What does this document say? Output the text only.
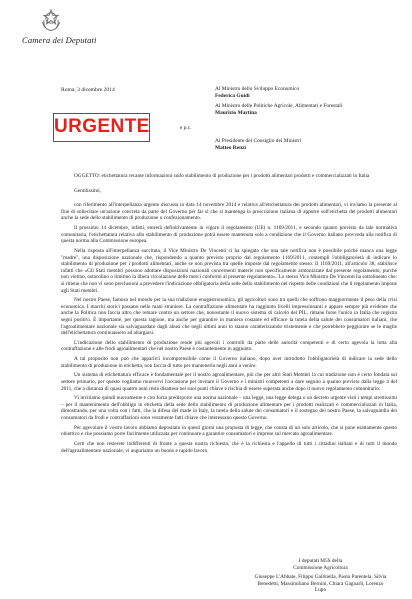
Camera dei Deputati
Roma, 3 dicembre 2014
URGENTE
Al Ministro dello Sviluppo Economico
Federica Guidi
Al Ministro delle Politiche Agricole, Alimentari e Forestali
Maurizio Martina
e p.c.
Al Presidente del Consiglio dei Ministri
Matteo Renzi

OGGETTO: etichettatura recante informazioni sullo stabilimento di produzione per i prodotti alimentari prodotti e commercializzati in Italia

Gentilissimi,

con riferimento all'interpellanza urgente discussa in data 14 novembre 2014 e relativa all'etichettatura dei prodotti alimentari, vi inviamo la presente al fine di sollecitare un'azione concreta da parte del Governo per far sì che si mantenga la prescrizione italiana di apporre sull'etichetta dei prodotti alimentari anche la sede dello stabilimento di produzione o confezionamento.

Il prossimo 14 dicembre, infatti, entrerà definitivamente in vigore il regolamento (UE) n. 1169/2011, e secondo quanto previsto da tale normativa comunitaria, l'etichettatura relativa allo stabilimento di produzione potrà essere mantenuta solo a condizione che il Governo italiano provveda alla notifica di questa norma alla Commissione europea.

Nella risposta all'interpellanza succitata, il Vice Ministro De Vincenti ci ha spiegato che una tale notifica non è possibile poiché manca una legge "madre", una disposizione nazionale che, rispondendo a quanto previsto proprio dal regolamento 1169/2011, contempli l'obbligatorietà di indicare lo stabilimento di produzione per i prodotti alimentari, anche se non prevista tra quelle imposte dal regolamento stesso. Il 1169/2011, all'articolo 38, stabilisce infatti che «Gli Stati membri possono adottare disposizioni nazionali concernenti materie non specificamente armonizzate dal presente regolamento, purché non vietino, ostacolino o limitino la libera circolazione delle merci conformi al presente regolamento». Lo stesso Vice Ministro De Vincenti ha sottolineato che: si ritiene che non vi sono preclusioni a prevedere l'indicazione obbligatoria della sede dello stabilimento nel rispetto delle condizioni che il regolamento impone agli Stati membri.

Nel nostro Paese, famoso nel mondo per la sua tradizione enogastronomica, gli agricoltori sono tra quelli che soffrono maggiormente il peso della crisi economica. I marchi storici passano nelle mani straniere. La contraffazione alimentare ha raggiunto livelli impressionanti e appare sempre più evidente che anche la Politica non faccia altro che remare contro un settore che, nonostante il nuovo sistema di calcolo del PIL, rimane forse l'unico in Italia che registra segni positivi. È importante, per questa ragione, ma anche per garantire in maniera costante ed efficace la tutela della salute dei consumatori italiani, che l'agroalimentare nazionale sia salvaguardato dagli abusi che negli ultimi anni lo stanno caratterizzando tristemente e che potrebbero peggiorare se le maglie dell'etichettatura continuassero ad allargarsi.

L'indicazione dello stabilimento di produzione rende più agevoli i controlli da parte delle autorità competenti e di certo agevola la lotta alla contraffazione e alle frodi agroalimentari che nel nostro Paese è costantemente in aggiunto.

A tal proposito non può che apparirci incomprensibile come il Governo italiano, dopo aver introdotto l'obbligatorietà di indicare la sede dello stabilimento di produzione in etichetta, non faccia di tutto per mantenerla negli anni a venire.

Un sistema di etichettatura efficace è fondamentale per il nostro agroalimentare, più che per altri Stati Membri la cui tradizione non è certo fondata sul settore primario, per questo vogliamo muovervi l'occasione per invitare il Governo e i ministri competenti a dare seguito a quanto previsto dalla legge 4 del 2011, che a distanza di quasi quattro anni resta disattesa nei suoi punti chiave e rischia di essere superata anche dopo il nuovo regolamento comunitario.

Vi invitiamo quindi nuovamente e con forza predisporre una norma nazionale – una legge, una legge delega o un decreto urgente visti i tempi strettissimi – per il mantenimento dell'obbligo in etichetta della sede dello stabilimento di produzione alimentare per i prodotti realizzati e commercializzati in Italia, dimostrando, per una volta con i fatti, che la difesa del made in Italy, la tutela della salute dei consumatori e il sostegno del nostro Paese, la salvaguardia dei consumatori da frodi e contraffazioni sono veramente fatti chiave che interessano questo Governo.

Per agevolare il vostro lavoro abbiamo depositato in questi giorni una proposta di legge, che consta di un solo articolo, che si pone esattamente questo obiettivo e che possiamo porre facilmente utilizzata per continuare a garantire consumatori e imprese sul mercato agroalimentare.

Certi che non resterete indifferenti di fronte a questa nostra richiesta, che è la richiesta e l'appello di tutti i cittadini italiani e di tutti il mondo dell'agroalimentare nazionale, vi auguriamo un buono e rapido lavoro.

I deputati M5S della
Commissione Agricoltura
Giuseppe L'Abbate, Filippo Gallinella, Paolo Parentela, Silvia Benedetti, Massimiliano Bernini, Chiara Gagnarli, Lorenzo Lupo
